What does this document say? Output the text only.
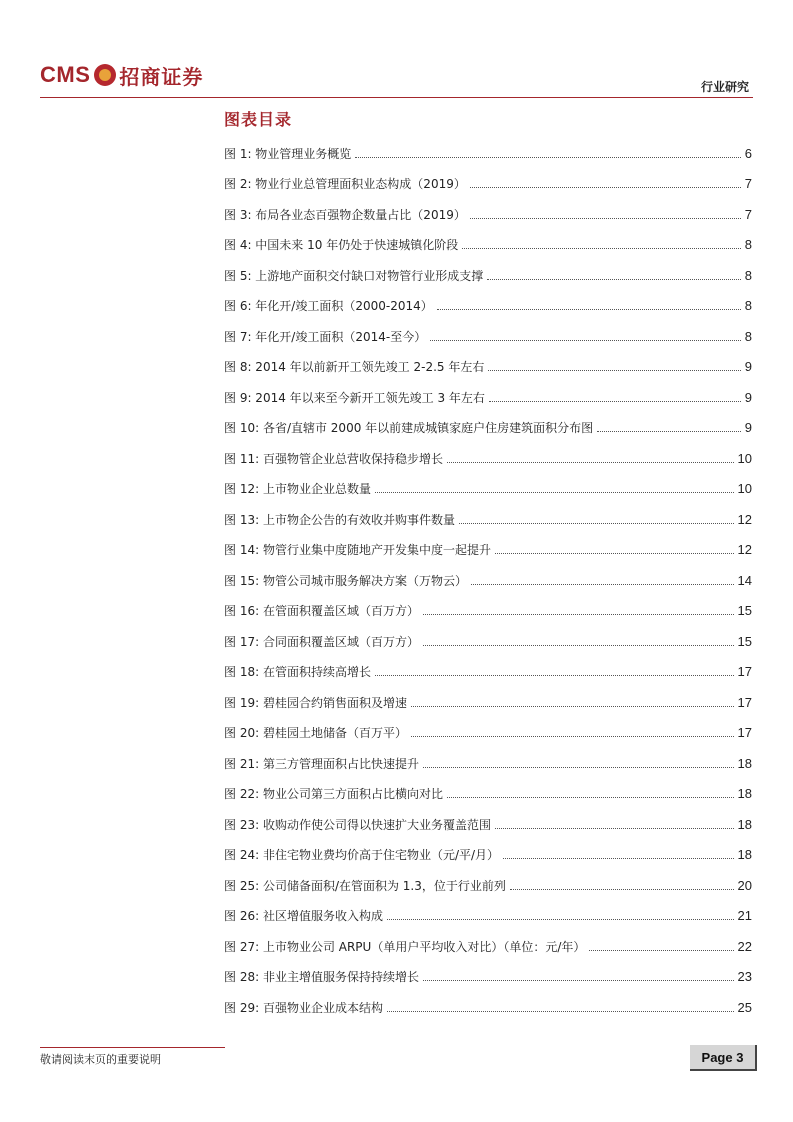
CMS 招商证券	行业研究
图表目录
图 1: 物业管理业务概览	6
图 2: 物业行业总管理面积业态构成（2019）	7
图 3: 布局各业态百强物企数量占比（2019）	7
图 4: 中国未来 10 年仍处于快速城镇化阶段	8
图 5: 上游地产面积交付缺口对物管行业形成支撑	8
图 6: 年化开/竣工面积（2000-2014）	8
图 7: 年化开/竣工面积（2014-至今）	8
图 8: 2014 年以前新开工领先竣工 2-2.5 年左右	9
图 9: 2014 年以来至今新开工领先竣工 3 年左右	9
图 10: 各省/直辖市 2000 年以前建成城镇家庭户住房建筑面积分布图	9
图 11: 百强物管企业总营收保持稳步增长	10
图 12: 上市物业企业总数量	10
图 13: 上市物企公告的有效收并购事件数量	12
图 14: 物管行业集中度随地产开发集中度一起提升	12
图 15: 物管公司城市服务解决方案（万物云）	14
图 16: 在管面积覆盖区域（百万方）	15
图 17: 合同面积覆盖区域（百万方）	15
图 18: 在管面积持续高增长	17
图 19: 碧桂园合约销售面积及增速	17
图 20: 碧桂园土地储备（百万平）	17
图 21: 第三方管理面积占比快速提升	18
图 22: 物业公司第三方面积占比横向对比	18
图 23: 收购动作使公司得以快速扩大业务覆盖范围	18
图 24: 非住宅物业费均价高于住宅物业（元/平/月）	18
图 25: 公司储备面积/在管面积为 1.3，位于行业前列	20
图 26: 社区增值服务收入构成	21
图 27: 上市物业公司 ARPU（单用户平均收入对比）（单位：元/年）	22
图 28: 非业主增值服务保持持续增长	23
图 29: 百强物业企业成本结构	25
敬请阅读末页的重要说明	Page 3
